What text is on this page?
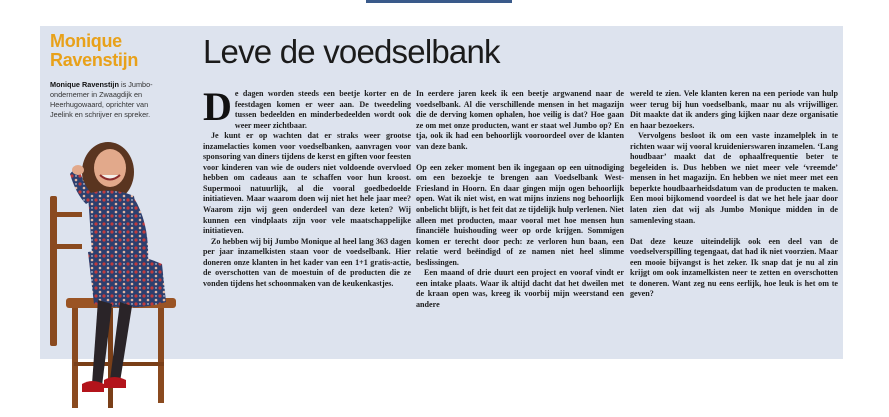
Monique
Ravenstijn
Monique Ravenstijn is Jumbo-ondernemer in Zwaagdijk en Heerhugowaard, oprichter van Jeelink en schrijver en spreker.
Leve de voedselbank

De dagen worden steeds een beetje korter en de feestdagen komen er weer aan. De tweedeling tussen bedeelden en minderbedeelden wordt ook weer meer zichtbaar.

Je kunt er op wachten dat er straks weer grootse inzamelacties komen voor voedselbanken, aanvragen voor sponsoring van diners tijdens de kerst en giften voor feesten voor kinderen van wie de ouders niet voldoende overvloed hebben om cadeaus aan te schaffen voor hun kroost. Supermooi natuurlijk, al die vooral goedbedoelde initiatieven. Maar waarom doen wij niet het hele jaar mee? Waarom zijn wij geen onderdeel van deze keten? Wij kunnen een vindplaats zijn voor vele maatschappelijke initiatieven.

Zo hebben wij bij Jumbo Monique al heel lang 363 dagen per jaar inzamelkisten staan voor de voedselbank. Hier doneren onze klanten in het kader van een 1+1 gratis-actie, de overschotten van de moestuin of de producten die ze vonden tijdens het schoonmaken van de keukenkastjes.

In eerdere jaren keek ik een beetje argwanend naar de voedselbank. Al die verschillende mensen in het magazijn die de derving komen ophalen, hoe veilig is dat? Hoe gaan ze om met onze producten, want er staat wel Jumbo op? En tja, ook ik had een behoorlijk vooroordeel over de klanten van deze bank.

Op een zeker moment ben ik ingegaan op een uitnodiging om een bezoekje te brengen aan Voedselbank West-Friesland in Hoorn. En daar gingen mijn ogen behoorlijk open. Wat ik niet wist, en wat mijns inziens nog behoorlijk onbelicht blijft, is het feit dat ze tijdelijk hulp verlenen. Niet alleen met producten, maar vooral met hoe mensen hun financiële huishouding weer op orde krijgen. Sommigen komen er terecht door pech: ze verloren hun baan, een relatie werd beëindigd of ze namen niet heel slimme beslissingen.

Een maand of drie duurt een project en vooraf vindt er een intake plaats. Waar ik altijd dacht dat het dweilen met de kraan open was, kreeg ik voorbij mijn weerstand een andere

wereld te zien. Vele klanten keren na een periode van hulp weer terug bij hun voedselbank, maar nu als vrijwilliger. Dit maakte dat ik anders ging kijken naar deze organisatie en haar bezoekers.

Vervolgens besloot ik om een vaste inzamelplek in te richten waar wij vooral kruidenierswaren inzamelen. ‘Lang houdbaar’ maakt dat de ophaalfrequentie beter te begeleiden is. Dus hebben we niet meer vele ‘vreemde’ mensen in het magazijn. En hebben we niet meer met een beperkte houdbaarheidsdatum van de producten te maken. Een mooi bijkomend voordeel is dat we het hele jaar door laten zien dat wij als Jumbo Monique midden in de samenleving staan.

Dat deze keuze uiteindelijk ook een deel van de voedselverspilling tegengaat, dat had ik niet voorzien. Maar een mooie bijvangst is het zeker. Ik snap dat je nu al zin krijgt om ook inzamelkisten neer te zetten en overschotten te doneren. Want zeg nu eens eerlijk, hoe leuk is het om te geven?
